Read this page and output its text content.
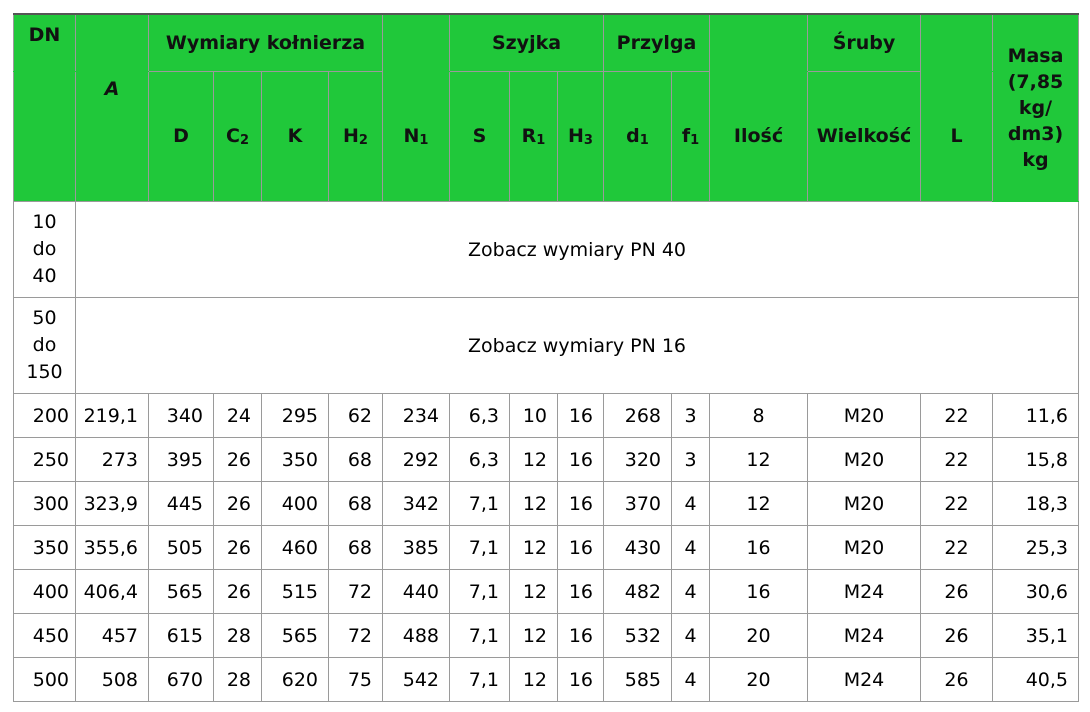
		Wymiary kołnierza					Szyjka			Przylga			Śruby		Masa
(7,85
kg/
dm3)
kg

DN	A	D	$C_2$	K	$H_2$	$N_1$	S	$R_1$	$H_3$	$d_1$	$f_1$	Ilość	Wielkość	L	

10
do
40	Zobacz wymiary PN 40														

50
do
150	Zobacz wymiary PN 16														
200	219,1	340	24	295	62	234	6,3	10	16	268	3	8	M20	22	11,6
250	273	395	26	350	68	292	6,3	12	16	320	3	12	M20	22	15,8
300	323,9	445	26	400	68	342	7,1	12	16	370	4	12	M20	22	18,3
350	355,6	505	26	460	68	385	7,1	12	16	430	4	16	M20	22	25,3
400	406,4	565	26	515	72	440	7,1	12	16	482	4	16	M24	26	30,6
450	457	615	28	565	72	488	7,1	12	16	532	4	20	M24	26	35,1
500	508	670	28	620	75	542	7,1	12	16	585	4	20	M24	26	40,5
